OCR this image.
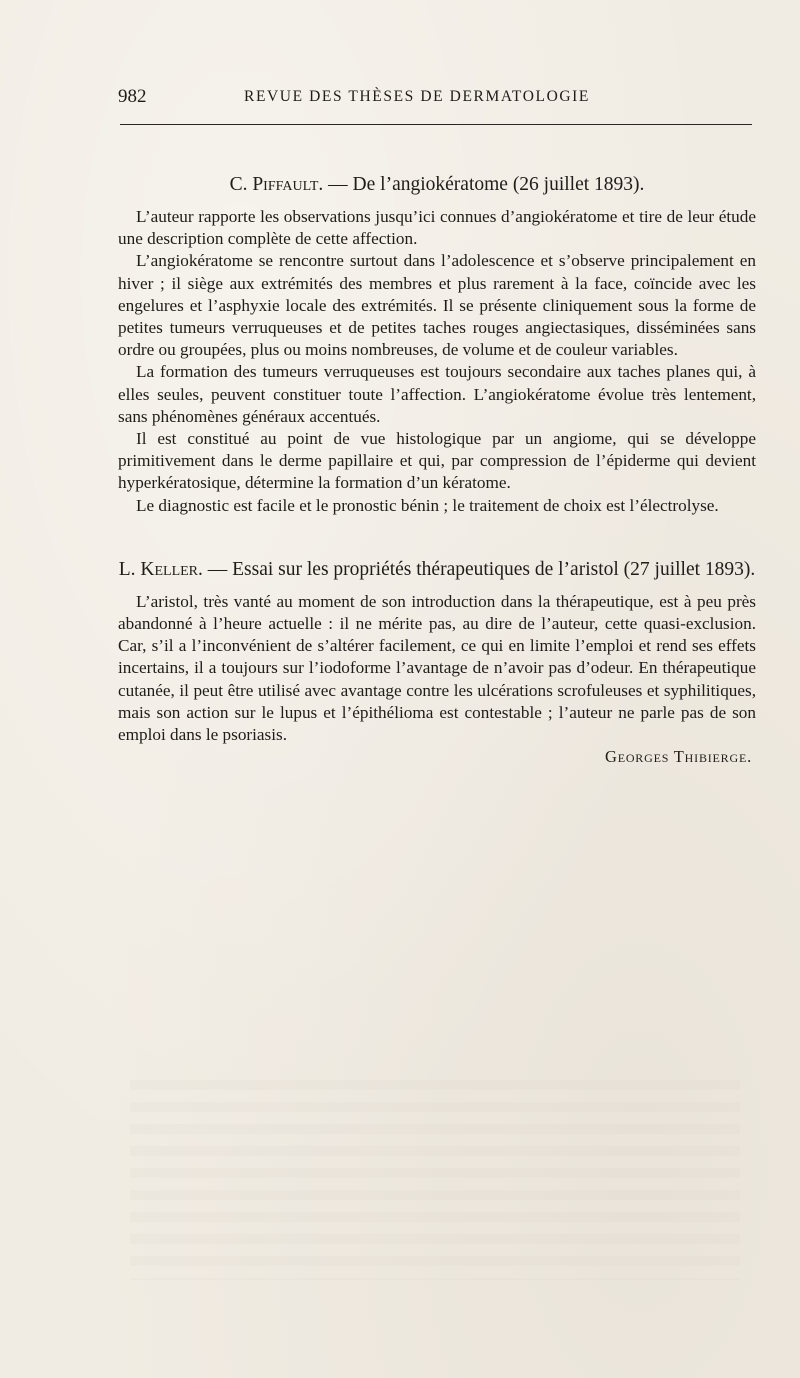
982	REVUE DES THÈSES DE DERMATOLOGIE
C. Piffault. — De l’angiokératome (26 juillet 1893).

L’auteur rapporte les observations jusqu’ici connues d’angiokératome et tire de leur étude une description complète de cette affection.

L’angiokératome se rencontre surtout dans l’adolescence et s’observe principalement en hiver ; il siège aux extrémités des membres et plus rarement à la face, coïncide avec les engelures et l’asphyxie locale des extrémités. Il se présente cliniquement sous la forme de petites tumeurs verruqueuses et de petites taches rouges angiectasiques, disséminées sans ordre ou groupées, plus ou moins nombreuses, de volume et de couleur variables.

La formation des tumeurs verruqueuses est toujours secondaire aux taches planes qui, à elles seules, peuvent constituer toute l’affection. L’angiokératome évolue très lentement, sans phénomènes généraux accentués.

Il est constitué au point de vue histologique par un angiome, qui se développe primitivement dans le derme papillaire et qui, par compression de l’épiderme qui devient hyperkératosique, détermine la formation d’un kératome.

Le diagnostic est facile et le pronostic bénin ; le traitement de choix est l’électrolyse.

L. Keller. — Essai sur les propriétés thérapeutiques de l’aristol (27 juillet 1893).

L’aristol, très vanté au moment de son introduction dans la thérapeutique, est à peu près abandonné à l’heure actuelle : il ne mérite pas, au dire de l’auteur, cette quasi-exclusion. Car, s’il a l’inconvénient de s’altérer facilement, ce qui en limite l’emploi et rend ses effets incertains, il a toujours sur l’iodoforme l’avantage de n’avoir pas d’odeur. En thérapeutique cutanée, il peut être utilisé avec avantage contre les ulcérations scrofuleuses et syphilitiques, mais son action sur le lupus et l’épithélioma est contestable ; l’auteur ne parle pas de son emploi dans le psoriasis.

Georges Thibierge.
